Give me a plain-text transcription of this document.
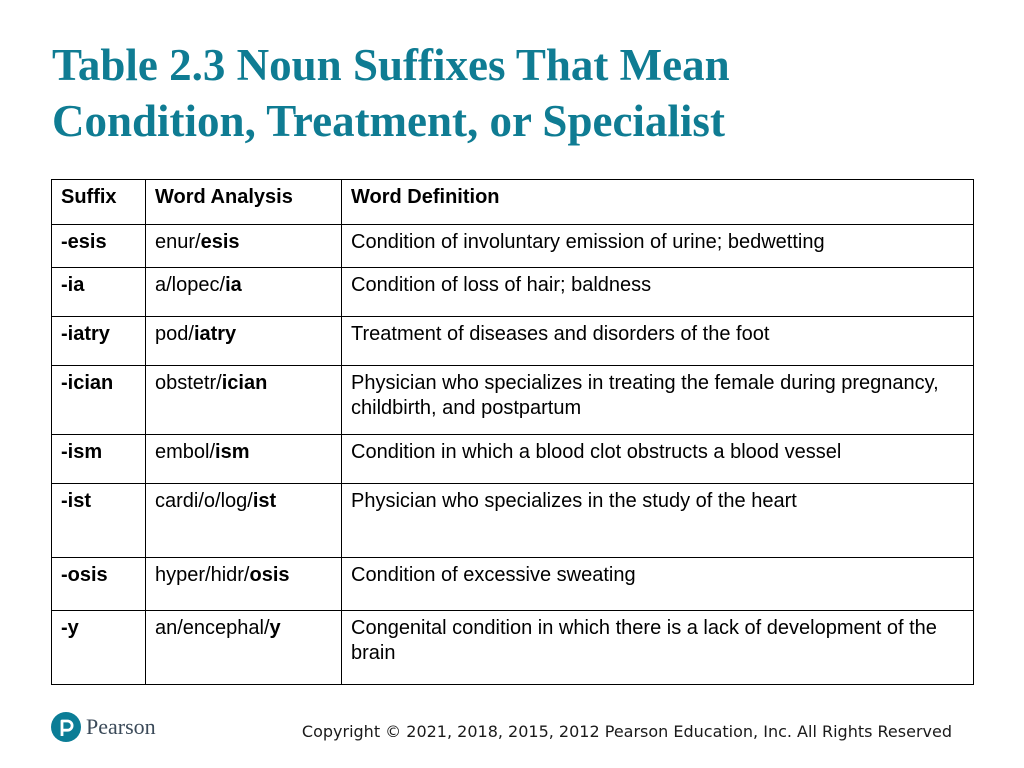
Table 2.3 Noun Suffixes That Mean
Condition, Treatment, or Specialist
Suffix	Word Analysis	Word Definition
-esis	enur/esis	Condition of involuntary emission of urine; bedwetting
-ia	a/lopec/ia	Condition of loss of hair; baldness
-iatry	pod/iatry	Treatment of diseases and disorders of the foot
-ician	obstetr/ician	Physician who specializes in treating the female during pregnancy, childbirth, and postpartum
-ism	embol/ism	Condition in which a blood clot obstructs a blood vessel
-ist	cardi/o/log/ist	Physician who specializes in the study of the heart
-osis	hyper/hidr/osis	Condition of excessive sweating
-y	an/encephal/y	Congenital condition in which there is a lack of development of the brain
Pearson	Copyright © 2021, 2018, 2015, 2012 Pearson Education, Inc. All Rights Reserved
